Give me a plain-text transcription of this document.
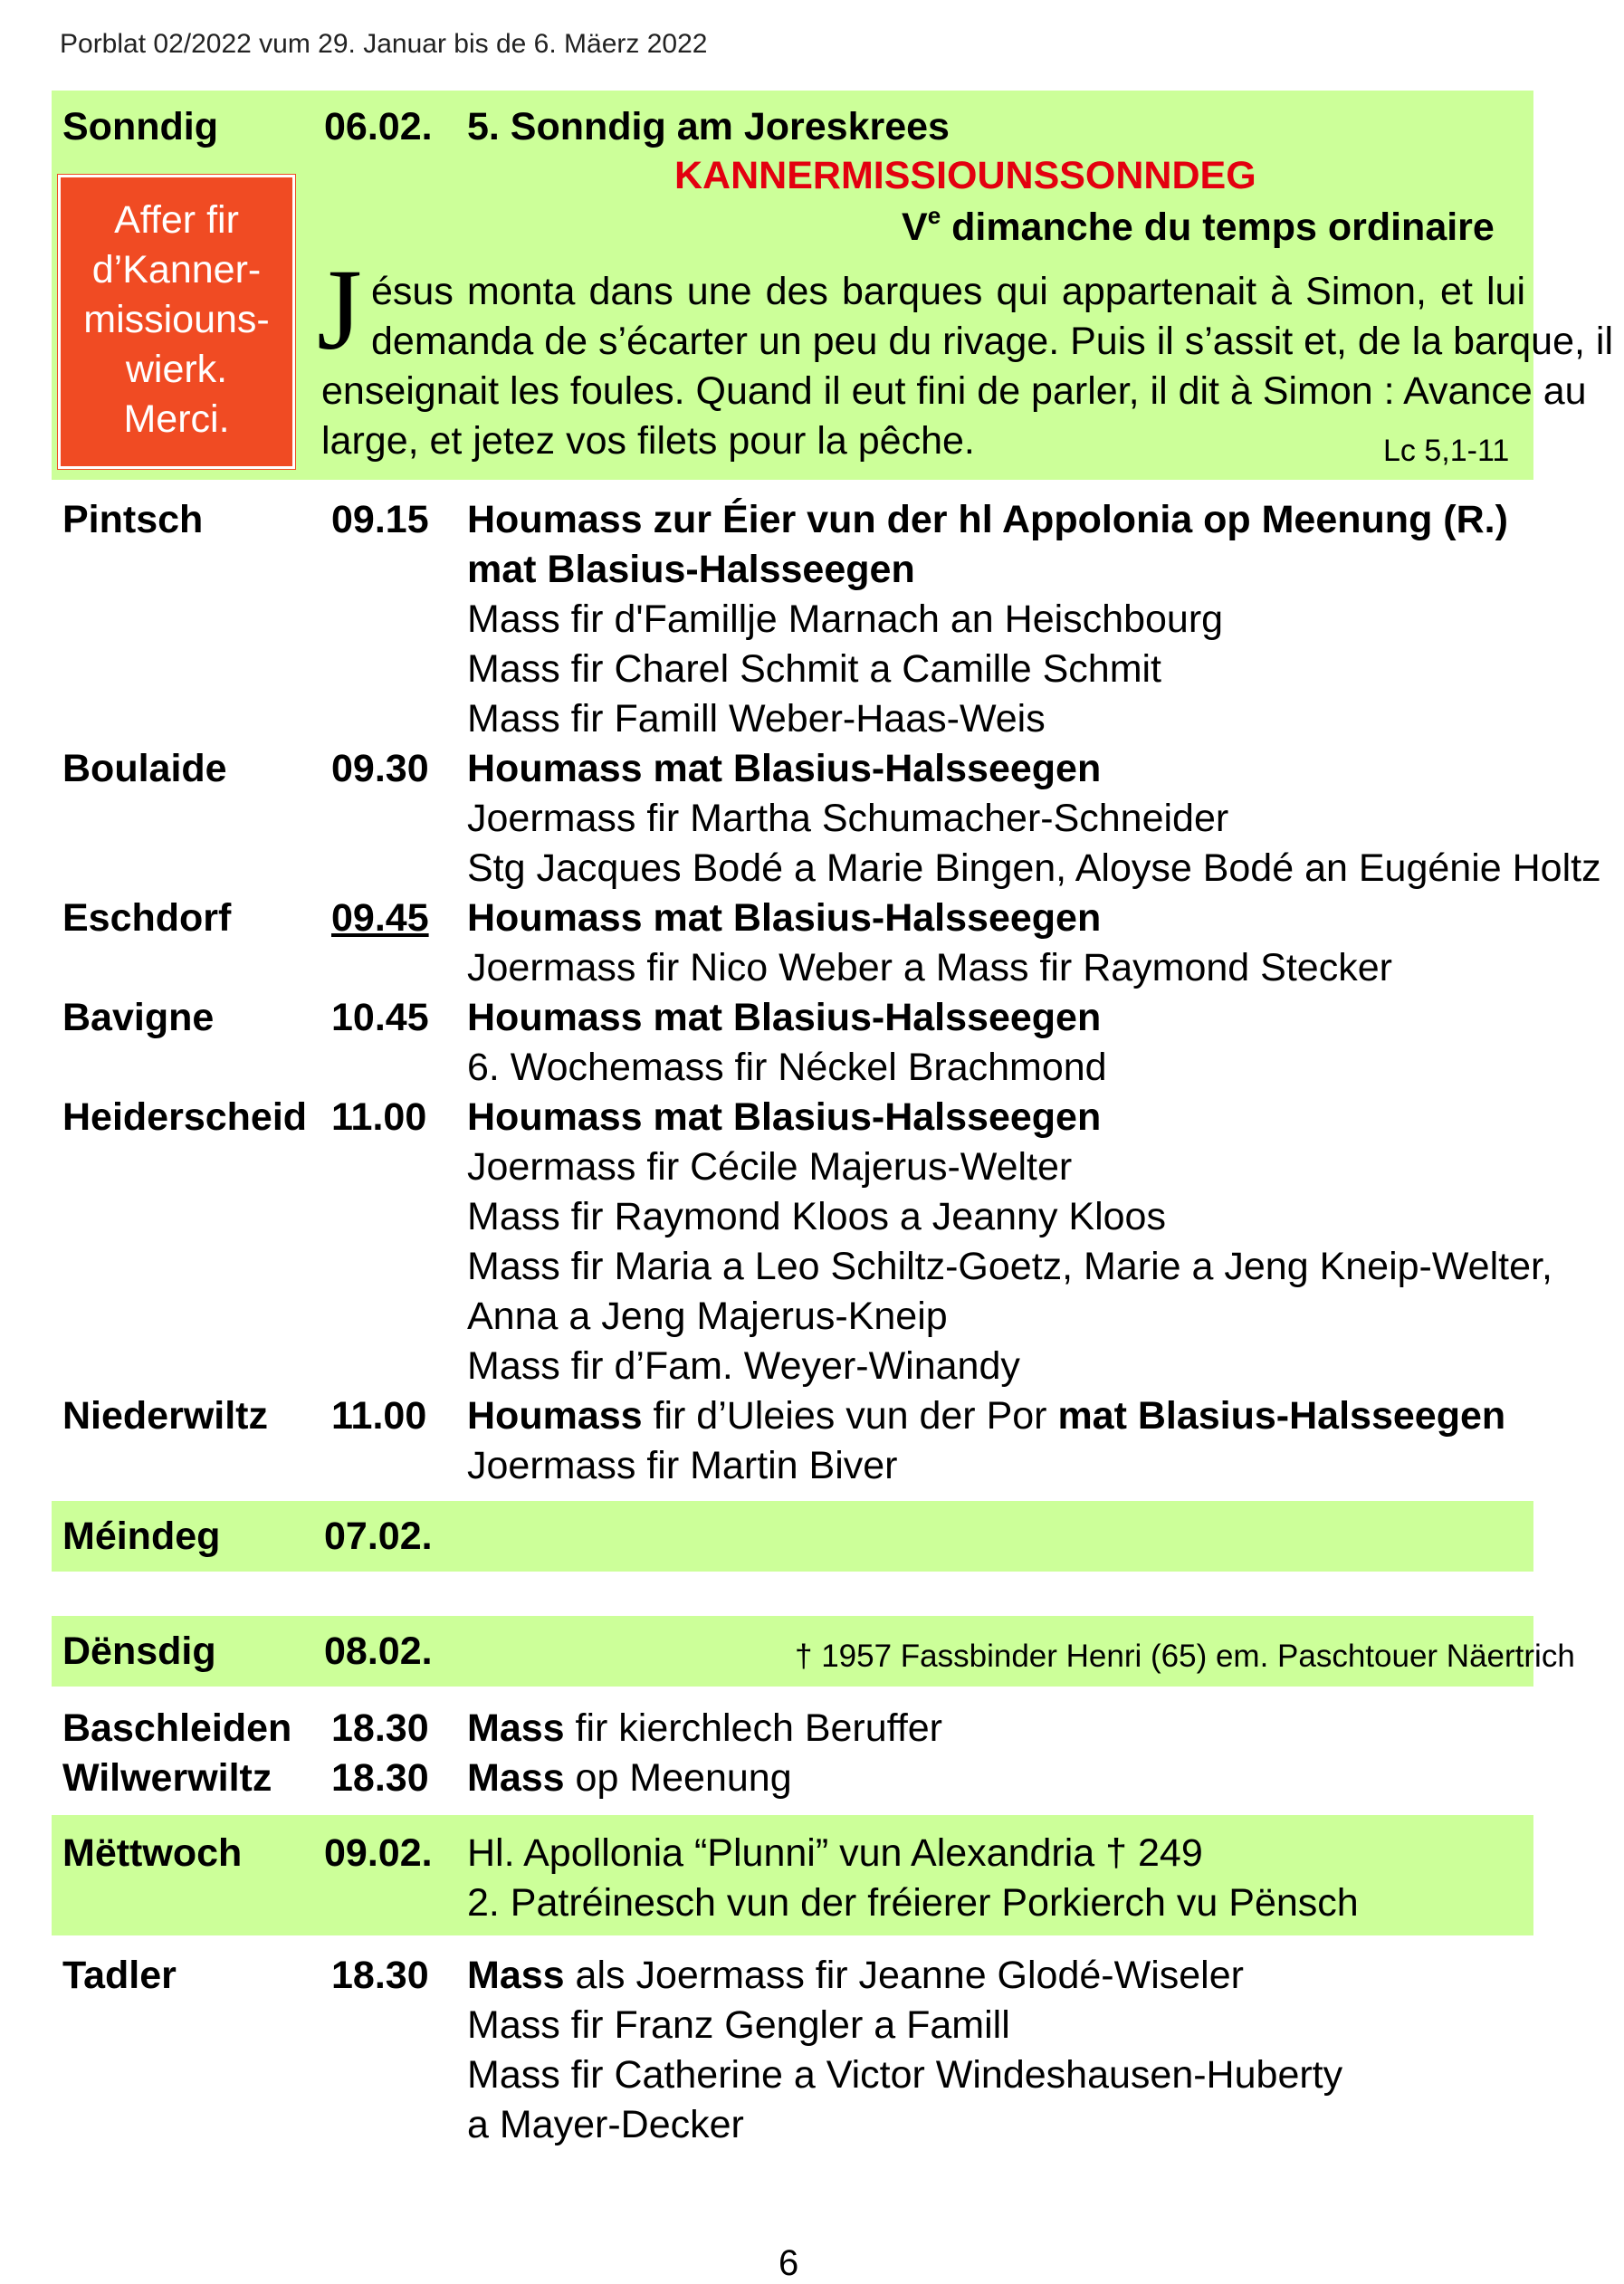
Porblat 02/2022 vum 29. Januar bis de 6. Mäerz 2022
Sonndig	06.02. 5. Sonndig am Joreskrees
KANNERMISSIOUNSSONNDEG
Ve dimanche du temps ordinaire
Affer fir
d’Kanner-
missiouns-
wierk.
Merci.
J ésus monta dans une des barques qui appartenait à Simon, et lui
demanda de s’écarter un peu du rivage. Puis il s’assit et, de la barque, il
enseignait les foules. Quand il eut fini de parler, il dit à Simon : Avance au
large, et jetez vos filets pour la pêche.	Lc 5,1-11
Pintsch	09.15 Houmass zur Éier vun der hl Appolonia op Meenung (R.)
mat Blasius-Halsseegen
Mass fir d'Famillje Marnach an Heischbourg
Mass fir Charel Schmit a Camille Schmit
Mass fir Famill Weber-Haas-Weis
Boulaide	09.30 Houmass mat Blasius-Halsseegen
Joermass fir Martha Schumacher-Schneider
Stg Jacques Bodé a Marie Bingen, Aloyse Bodé an Eugénie Holtz
Eschdorf	09.45 Houmass mat Blasius-Halsseegen
Joermass fir Nico Weber a Mass fir Raymond Stecker
Bavigne	10.45 Houmass mat Blasius-Halsseegen
6. Wochemass fir Néckel Brachmond
Heiderscheid 11.00 Houmass mat Blasius-Halsseegen
Joermass fir Cécile Majerus-Welter
Mass fir Raymond Kloos a Jeanny Kloos
Mass fir Maria a Leo Schiltz-Goetz, Marie a Jeng Kneip-Welter,
Anna a Jeng Majerus-Kneip
Mass fir d’Fam. Weyer-Winandy
Niederwiltz 11.00 Houmass fir d’Uleies vun der Por mat Blasius-Halsseegen
Joermass fir Martin Biver
Méindeg	07.02.
Dënsdig	08.02.	† 1957 Fassbinder Henri (65) em. Paschtouer Näertrich
Baschleiden 18.30 Mass fir kierchlech Beruffer
Wilwerwiltz 18.30 Mass op Meenung
Mëttwoch 09.02. Hl. Apollonia “Plunni” vun Alexandria † 249
2. Patréinesch vun der fréierer Porkierch vu Pënsch
Tadler	18.30 Mass als Joermass fir Jeanne Glodé-Wiseler
Mass fir Franz Gengler a Famill
Mass fir Catherine a Victor Windeshausen-Huberty
a Mayer-Decker
6
